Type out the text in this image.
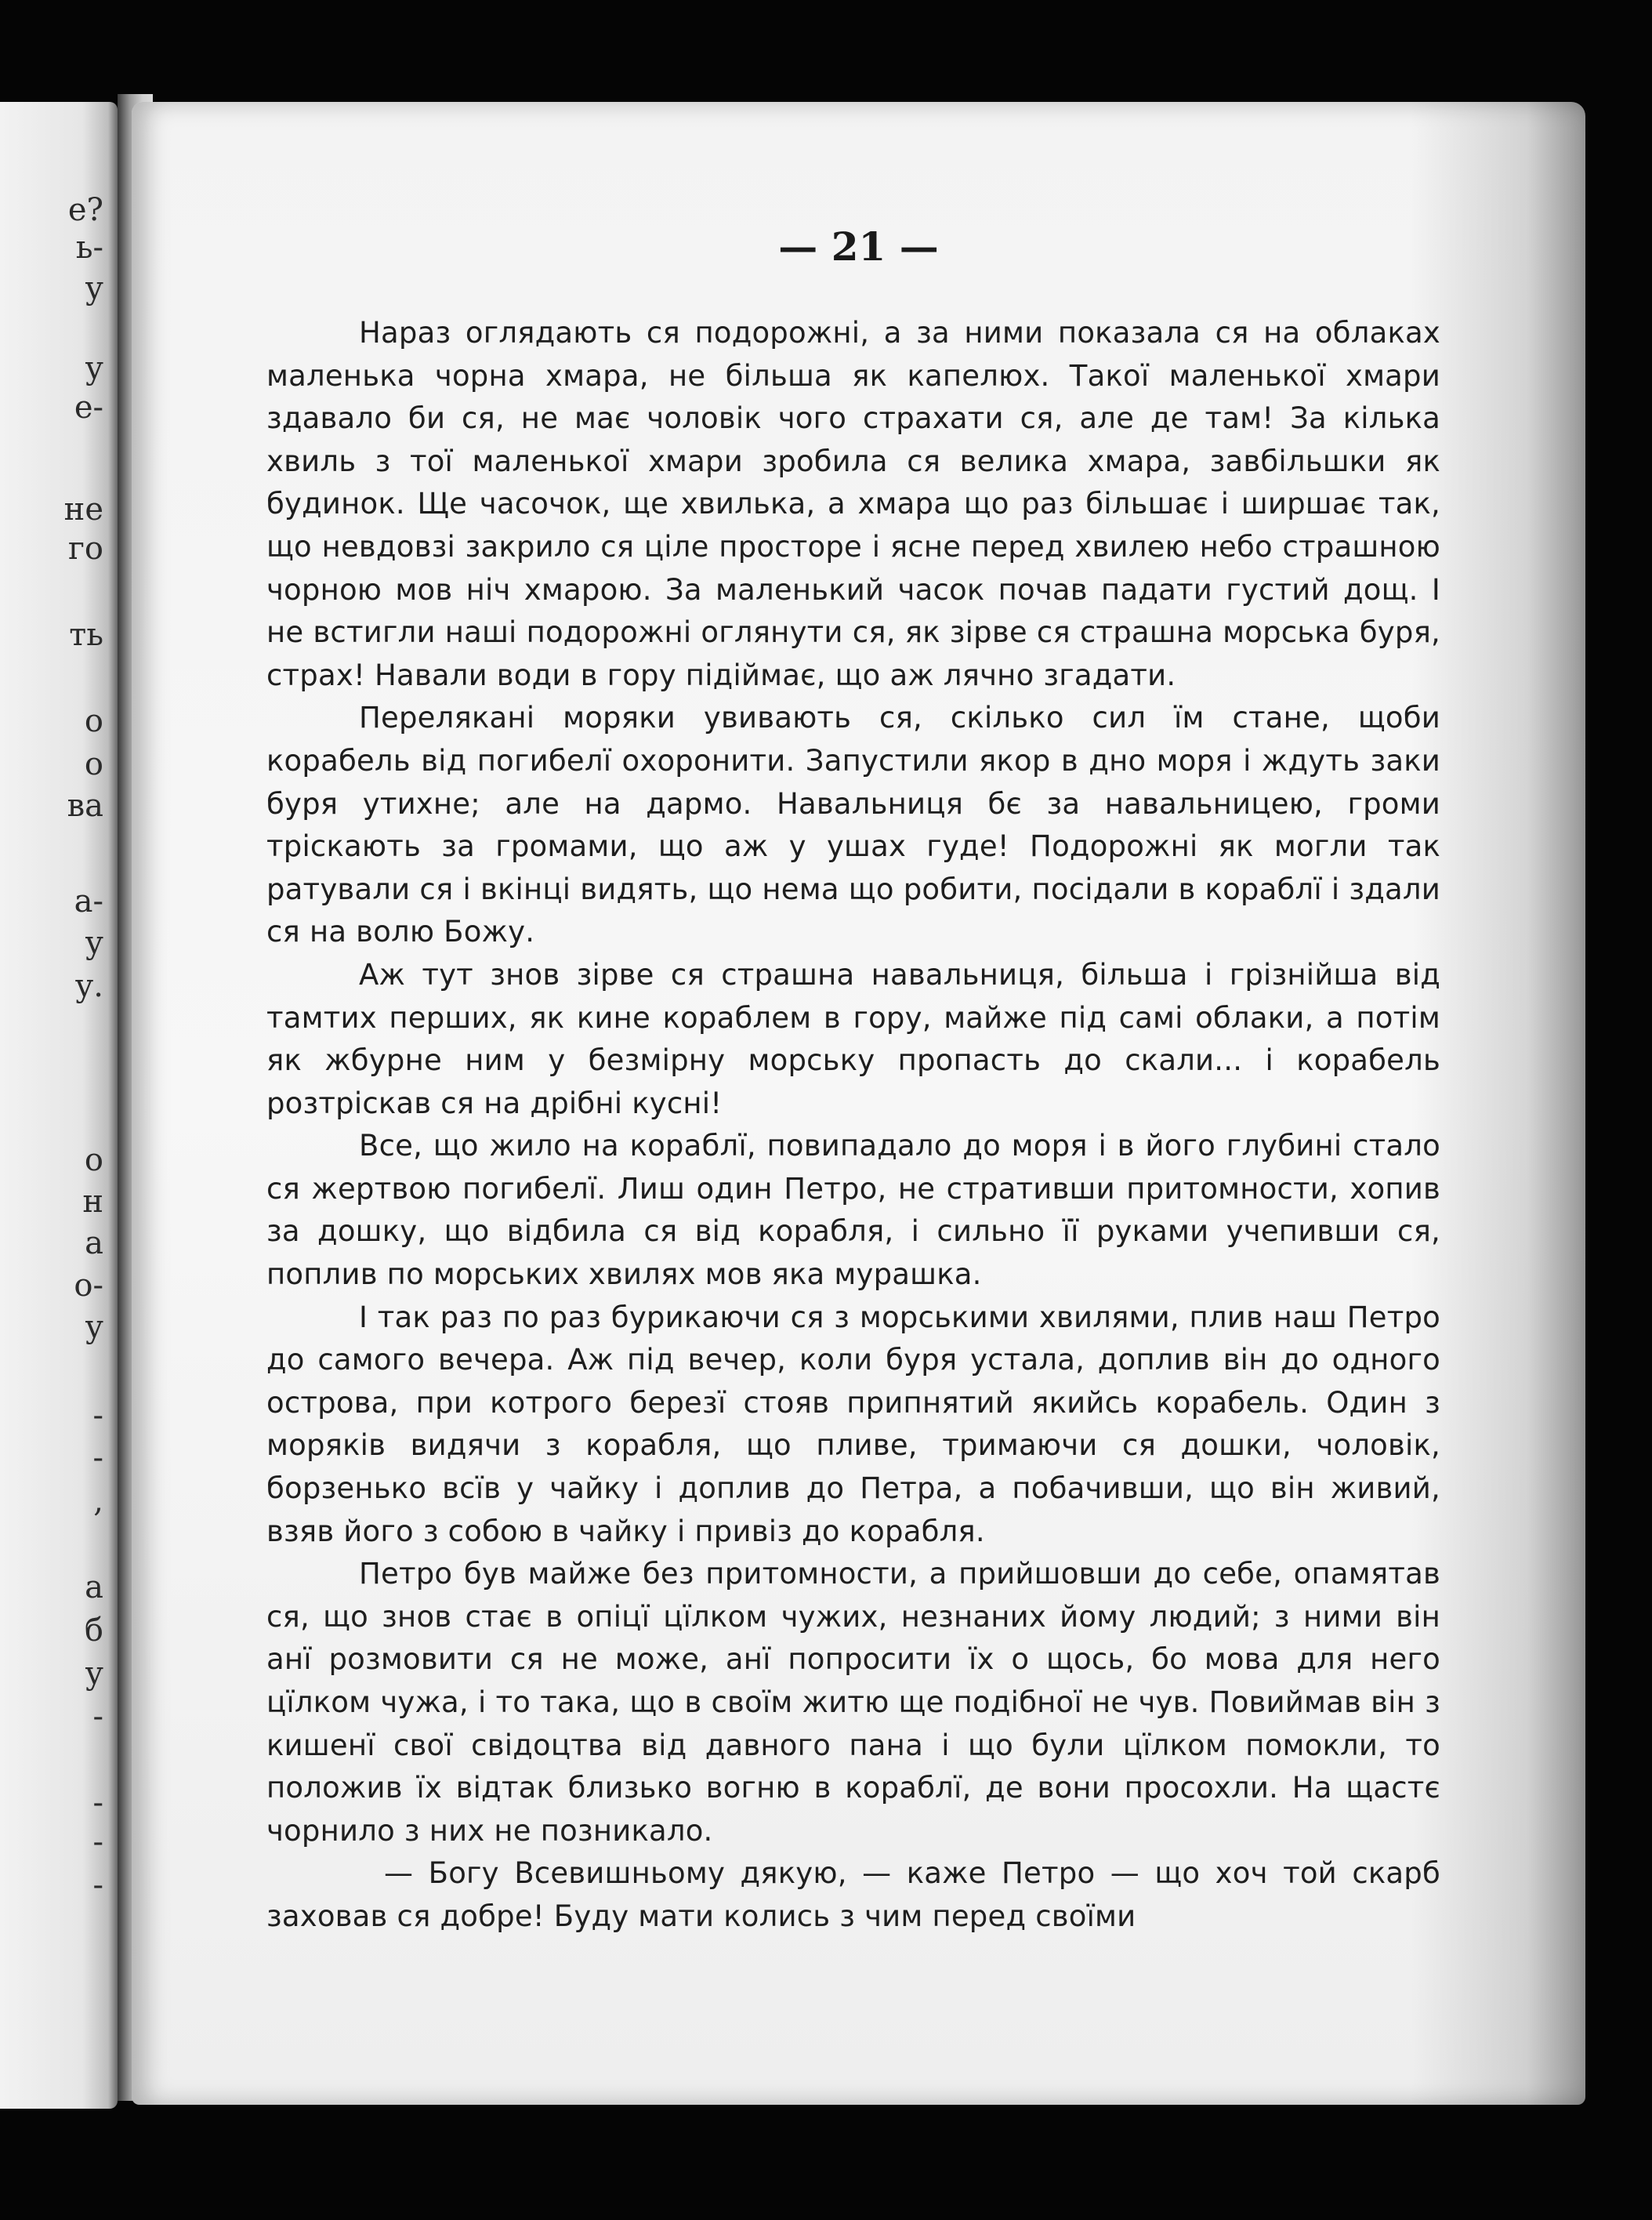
е?
ь-
у
у
е-
не
го
ть
о
о
ва
а-
у
у.
о
н
а
о-
у
-
-
,
а
б
у
-
-
-
-
— 21 —

Нараз оглядають ся подорожні, а за ними показала ся на облаках маленька чорна хмара, не більша як капелюх. Такої маленької хмари здавало би ся, не має чоловік чого страхати ся, але де там! За кілька хвиль з тої маленької хмари зробила ся велика хмара, завбільшки як будинок. Ще часочок, ще хвилька, а хмара що раз більшає і ширшає так, що невдовзі закрило ся ціле просторе і ясне перед хвилею небо страшною чорною мов ніч хмарою. За маленький часок почав падати густий дощ. І не встигли наші подорожні оглянути ся, як зірве ся страшна морська буря, страх! Навали води в гору підіймає, що аж лячно згадати.

Перелякані моряки увивають ся, скілько сил їм стане, щоби корабель від погибелї охоронити. Запустили якор в дно моря і ждуть заки буря утихне; але на дармо. Навальниця бє за навальницею, громи тріскають за громами, що аж у ушах гуде! Подорожні як могли так ратували ся і вкінці видять, що нема що робити, посідали в кораблї і здали ся на волю Божу.

Аж тут знов зірве ся страшна навальниця, більша і грізнійша від тамтих перших, як кине кораблем в гору, майже під самі облаки, а потім як жбурне ним у безмірну морську пропасть до скали... і корабель розтріскав ся на дрібні кусні!

Все, що жило на кораблї, повипадало до моря і в його глубині стало ся жертвою погибелї. Лиш один Петро, не стративши притомности, хопив за дошку, що відбила ся від корабля, і сильно її руками учепивши ся, поплив по морських хвилях мов яка мурашка.

І так раз по раз бурикаючи ся з морськими хвилями, плив наш Петро до самого вечера. Аж під вечер, коли буря устала, доплив він до одного острова, при котрого березї стояв припнятий якийсь корабель. Один з моряків видячи з корабля, що пливе, тримаючи ся дошки, чоловік, борзенько всїв у чайку і доплив до Петра, а побачивши, що він живий, взяв його з собою в чайку і привіз до корабля.

Петро був майже без притомности, а прийшовши до себе, опамятав ся, що знов стає в опіцї цїлком чужих, незнаних йому людий; з ними він анї розмовити ся не може, анї попросити їх о щось, бо мова для него цїлком чужа, і то така, що в своїм житю ще подібної не чув. Повиймав він з кишенї свої свідоцтва від давного пана і що були цїлком помокли, то положив їх відтак близько вогню в кораблї, де вони просохли. На щастє чорнило з них не позникало.

— Богу Всевишньому дякую, — каже Петро — що хоч той скарб заховав ся добре! Буду мати колись з чим перед своїми
